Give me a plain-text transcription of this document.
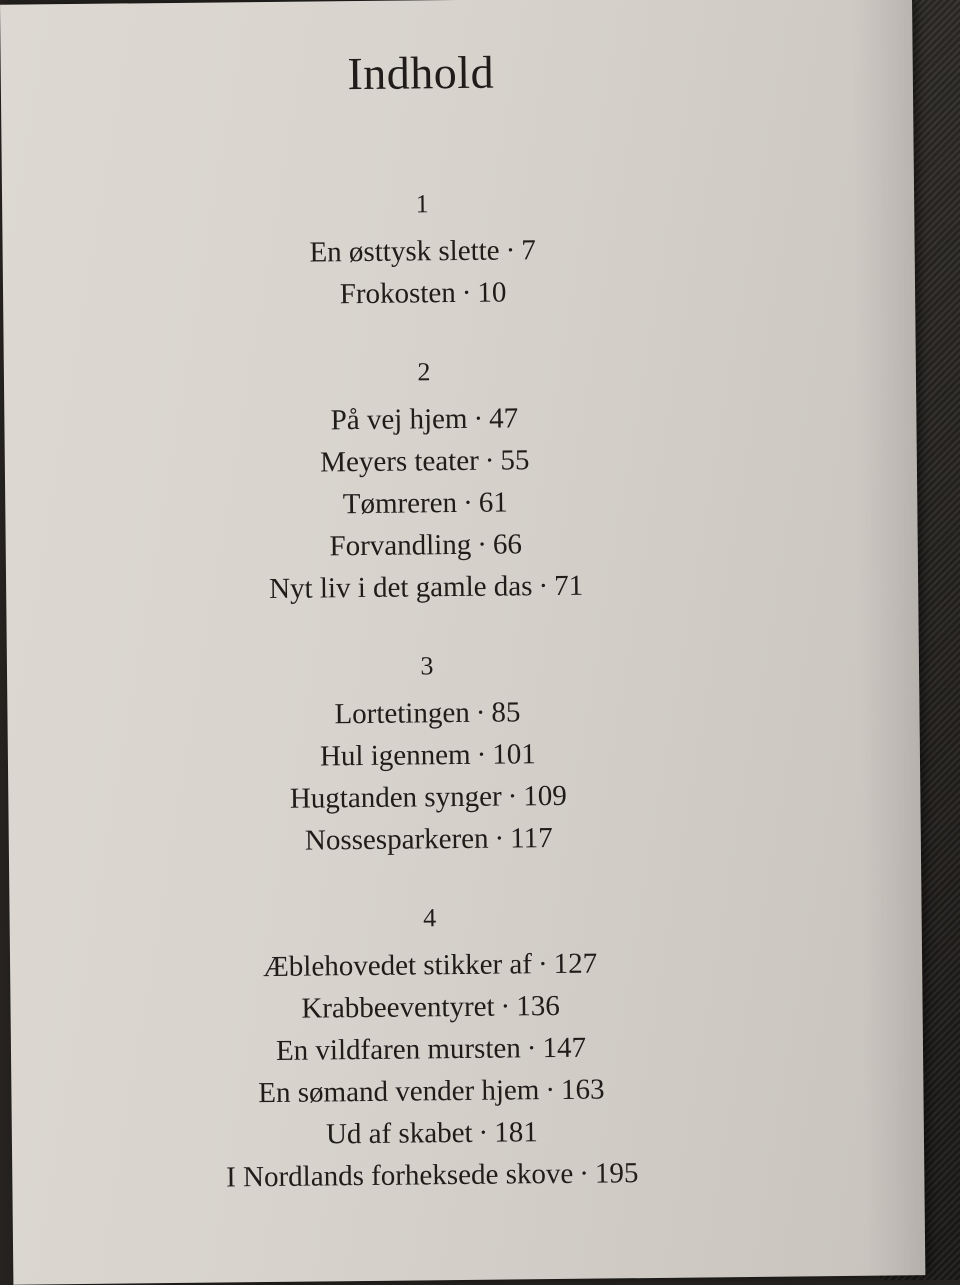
Indhold
1
En østtysk slette · 7
Frokosten · 10
2
På vej hjem · 47
Meyers teater · 55
Tømreren · 61
Forvandling · 66
Nyt liv i det gamle das · 71
3
Lortetingen · 85
Hul igennem · 101
Hugtanden synger · 109
Nossesparkeren · 117
4
Æblehovedet stikker af · 127
Krabbeeventyret · 136
En vildfaren mursten · 147
En sømand vender hjem · 163
Ud af skabet · 181
I Nordlands forheksede skove · 195
